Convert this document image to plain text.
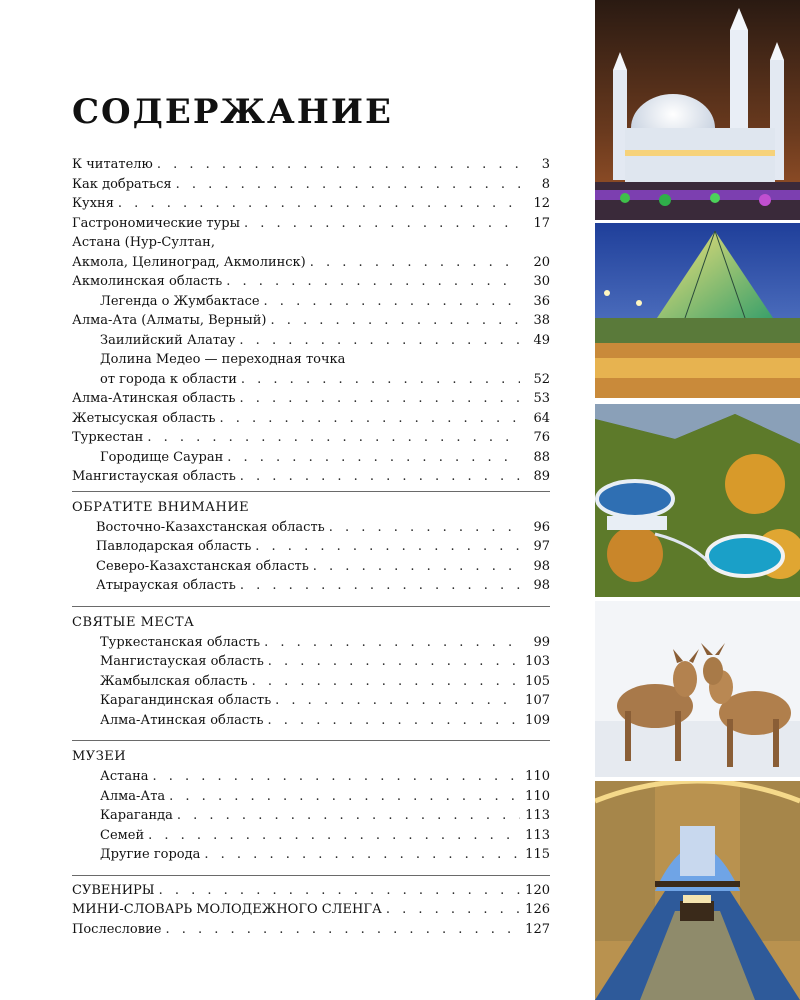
СОДЕРЖАНИЕ
К читателю . . .	3
Как добраться . . .	8
Кухня . . .	12
Гастрономические туры . . .	17
Астана (Нур-Султан,
Акмола, Целиноград, Акмолинск) . . .	20
Акмолинская область . . .	30
Легенда о Жумбактасе . . .	36
Алма-Ата (Алматы, Верный) . . .	38
Заилийский Алатау . . .	49
Долина Медео — переходная точка
от города к области . . .	52
Алма-Атинская область . . .	53
Жетысуская область . . .	64
Туркестан . . .	76
Городище Сауран . . .	88
Мангистауская область . . .	89
ОБРАТИТЕ ВНИМАНИЕ
Восточно-Казахстанская область . . .	96
Павлодарская область . . .	97
Северо-Казахстанская область . . .	98
Атырауская область . . .	98
СВЯТЫЕ МЕСТА
Туркестанская область . . .	99
Мангистауская область . . .	103
Жамбылская область . . .	105
Карагандинская область . . .	107
Алма-Атинская область . . .	109
МУЗЕИ
Астана . . .	110
Алма-Ата . . .	110
Караганда . . .	113
Семей . . .	113
Другие города . . .	115
СУВЕНИРЫ . . .	120
МИНИ-СЛОВАРЬ МОЛОДЕЖНОГО СЛЕНГА . . .	126
Послесловие . . .	127
